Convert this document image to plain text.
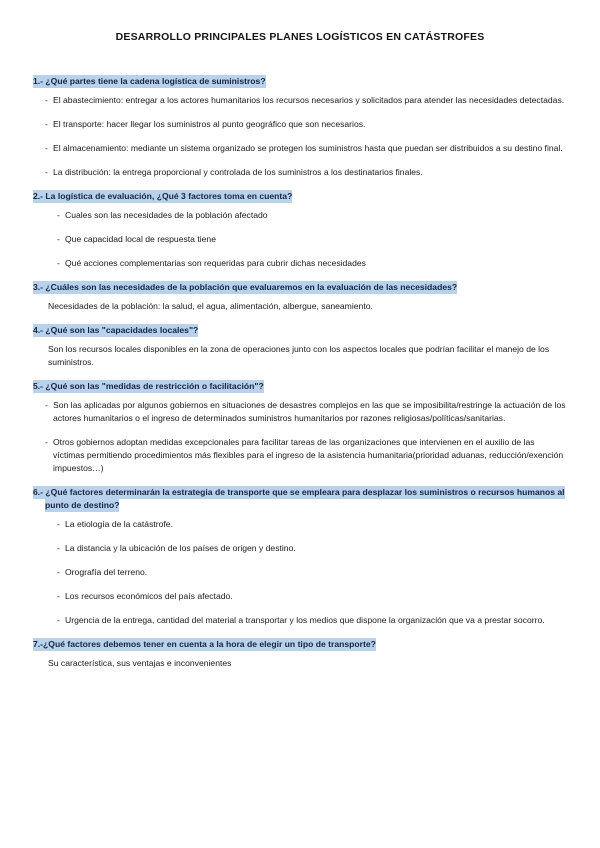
DESARROLLO PRINCIPALES PLANES LOGÍSTICOS EN CATÁSTROFES
1.- ¿Qué partes tiene la cadena logística de suministros?
- El abastecimiento: entregar a los actores humanitarios los recursos necesarios y solicitados para atender las necesidades detectadas.
- El transporte: hacer llegar los suministros al punto geográfico que son necesarios.
- El almacenamiento: mediante un sistema organizado se protegen los suministros hasta que puedan ser distribuidos a su destino final.
- La distribución: la entrega proporcional y controlada de los suministros a los destinatarios finales.
2.- La logística de evaluación, ¿Qué 3 factores toma en cuenta?
- Cuales son las necesidades de la población afectado
- Que capacidad local de respuesta tiene
- Qué acciones complementarias son requeridas para cubrir dichas necesidades
3.- ¿Cuáles son las necesidades de la población que evaluaremos en la evaluación de las necesidades?
Necesidades de la población: la salud, el agua, alimentación, albergue, saneamiento.
4.- ¿Qué son las "capacidades locales"?
Son los recursos locales disponibles en la zona de operaciones junto con los aspectos locales que podrían facilitar el manejo de los suministros.
5.- ¿Qué son las "medidas de restricción o facilitación"?
- Son las aplicadas por algunos gobiernos en situaciones de desastres complejos en las que se imposibilita/restringe la actuación de los actores humanitarios o el ingreso de determinados suministros humanitarios por razones religiosas/políticas/sanitarias.
- Otros gobiernos adoptan medidas excepcionales para facilitar tareas de las organizaciones que intervienen en el auxilio de las víctimas permitiendo procedimientos más flexibles para el ingreso de la asistencia humanitaria(prioridad aduanas, reducción/exención impuestos…)
6.- ¿Qué factores determinarán la estrategia de transporte que se empleara para desplazar los suministros o recursos humanos al punto de destino?
- La etiología de la catástrofe.
- La distancia y la ubicación de los países de origen y destino.
- Orografía del terreno.
- Los recursos económicos del país afectado.
- Urgencia de la entrega, cantidad del material a transportar y los medios que dispone la organización que va a prestar socorro.
7.-¿Qué factores debemos tener en cuenta a la hora de elegir un tipo de transporte?
Su característica, sus ventajas e inconvenientes
